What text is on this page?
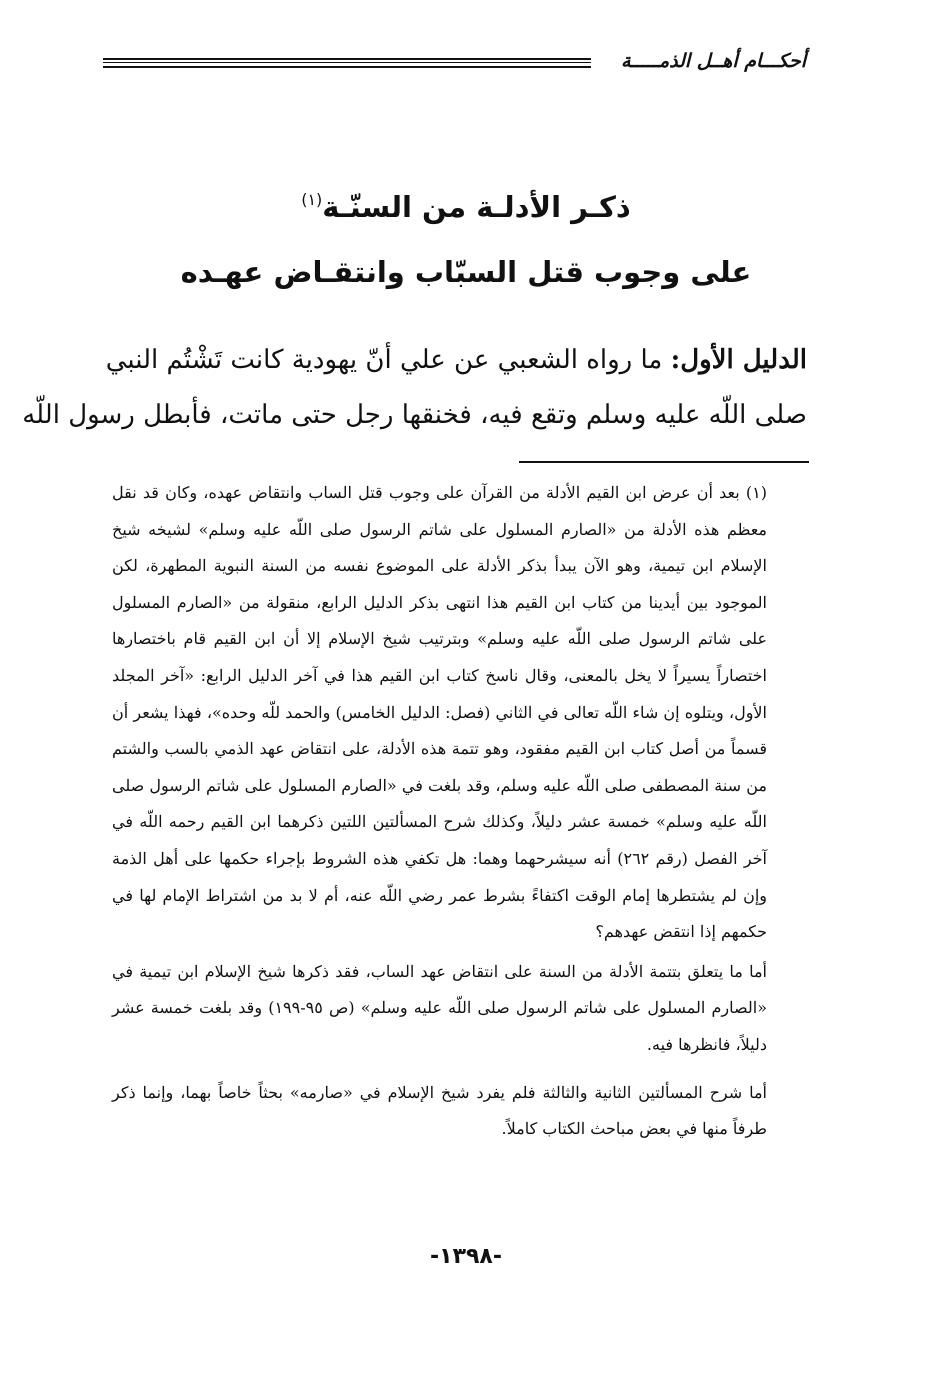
أحكـــام أهــل الذمـــــة
ذكـر الأدلـة من السنّـة$^{(١)}$
على وجوب قتل السبّاب وانتقـاض عهـده
الدليل الأول: ما رواه الشعبي عن علي أنّ يهودية كانت تَشْتُم النبي
صلى اللّه عليه وسلم وتقع فيه، فخنقها رجل حتى ماتت، فأبطل رسول اللّه

(١) بعد أن عرض ابن القيم الأدلة من القرآن على وجوب قتل الساب وانتقاض عهده، وكان قد نقل معظم هذه الأدلة من «الصارم المسلول على شاتم الرسول صلى اللّه عليه وسلم» لشيخه شيخ الإسلام ابن تيمية، وهو الآن يبدأ بذكر الأدلة على الموضوع نفسه من السنة النبوية المطهرة، لكن الموجود بين أيدينا من كتاب ابن القيم هذا انتهى بذكر الدليل الرابع، منقولة من «الصارم المسلول على شاتم الرسول صلى اللّه عليه وسلم» وبترتيب شيخ الإسلام إلا أن ابن القيم قام باختصارها اختصاراً يسيراً لا يخل بالمعنى، وقال ناسخ كتاب ابن القيم هذا في آخر الدليل الرابع: «آخر المجلد الأول، ويتلوه إن شاء اللّه تعالى في الثاني (فصل: الدليل الخامس) والحمد للّه وحده»، فهذا يشعر أن قسماً من أصل كتاب ابن القيم مفقود، وهو تتمة هذه الأدلة، على انتقاض عهد الذمي بالسب والشتم من سنة المصطفى صلى اللّه عليه وسلم، وقد بلغت في «الصارم المسلول على شاتم الرسول صلى اللّه عليه وسلم» خمسة عشر دليلاً، وكذلك شرح المسألتين اللتين ذكرهما ابن القيم رحمه اللّه في آخر الفصل (رقم ٢٦٢) أنه سيشرحهما وهما: هل تكفي هذه الشروط بإجراء حكمها على أهل الذمة وإن لم يشتطرها إمام الوقت اكتفاءً بشرط عمر رضي اللّه عنه، أم لا بد من اشتراط الإمام لها في حكمهم إذا انتقض عهدهم؟

أما ما يتعلق بتتمة الأدلة من السنة على انتقاض عهد الساب، فقد ذكرها شيخ الإسلام ابن تيمية في «الصارم المسلول على شاتم الرسول صلى اللّه عليه وسلم» (ص ٩٥-١٩٩) وقد بلغت خمسة عشر دليلاً، فانظرها فيه.

أما شرح المسألتين الثانية والثالثة فلم يفرد شيخ الإسلام في «صارمه» بحثاً خاصاً بهما، وإنما ذكر طرفاً منها في بعض مباحث الكتاب كاملاً.

-١٣٩٨-
